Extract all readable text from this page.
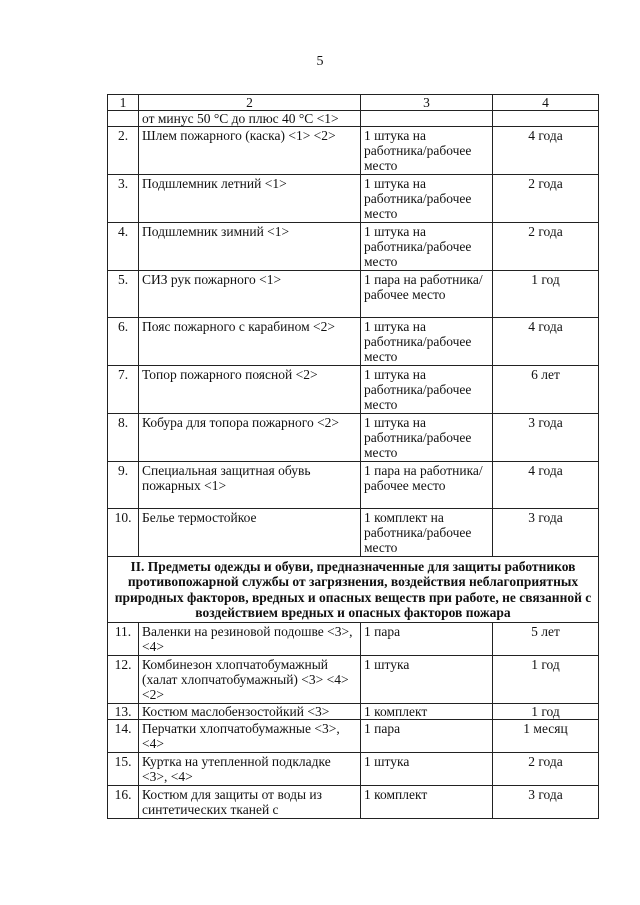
5
1	2	3	4
	от минус 50 °С до плюс 40 °С <1>		
2.	Шлем пожарного (каска) <1> <2>	1 штука на работника/рабочее место	4 года
3.	Подшлемник летний <1>	1 штука на работника/рабочее место	2 года
4.	Подшлемник зимний <1>	1 штука на работника/рабочее место	2 года
5.	СИЗ рук пожарного <1>	1 пара на работника/рабочее место	1 год
6.	Пояс пожарного с карабином <2>	1 штука на работника/рабочее место	4 года
7.	Топор пожарного поясной <2>	1 штука на работника/рабочее место	6 лет
8.	Кобура для топора пожарного <2>	1 штука на работника/рабочее место	3 года
9.	Специальная защитная обувь пожарных <1>	1 пара на работника/рабочее место	4 года
10.	Белье термостойкое	1 комплект на работника/рабочее место	3 года
II. Предметы одежды и обуви, предназначенные для защиты работников противопожарной службы от загрязнения, воздействия неблагоприятных природных факторов, вредных и опасных веществ при работе, не связанной с воздействием вредных и опасных факторов пожара			
11.	Валенки на резиновой подошве <3>, <4>	1 пара	5 лет
12.	Комбинезон хлопчатобумажный (халат хлопчатобумажный) <3> <4> <2>	1 штука	1 год
13.	Костюм маслобензостойкий <3>	1 комплект	1 год
14.	Перчатки хлопчатобумажные <3>, <4>	1 пара	1 месяц
15.	Куртка на утепленной подкладке <3>, <4>	1 штука	2 года
16.	Костюм для защиты от воды из синтетических тканей с	1 комплект	3 года
